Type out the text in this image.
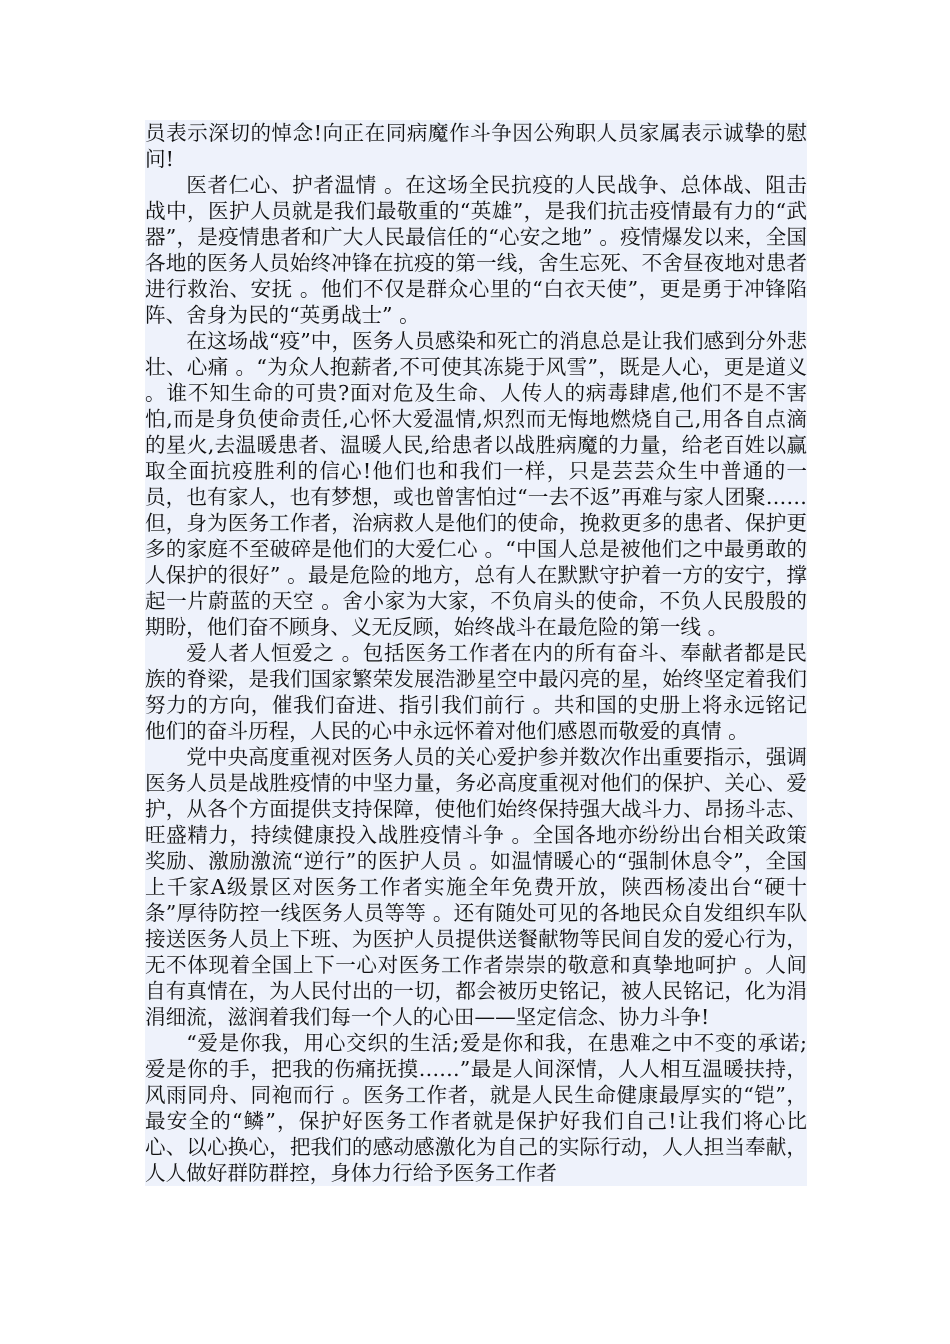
员表示深切的悼念!向正在同病魔作斗争因公殉职人员家属表示诚挚的慰问!

医者仁心、护者温情 。在这场全民抗疫的人民战争、总体战、阻击战中，医护人员就是我们最敬重的“英雄”，是我们抗击疫情最有力的“武器”，是疫情患者和广大人民最信任的“心安之地” 。疫情爆发以来，全国各地的医务人员始终冲锋在抗疫的第一线，舍生忘死、不舍昼夜地对患者进行救治、安抚 。他们不仅是群众心里的“白衣天使”，更是勇于冲锋陷阵、舍身为民的“英勇战士” 。

在这场战“疫”中，医务人员感染和死亡的消息总是让我们感到分外悲壮、心痛 。“为众人抱薪者,不可使其冻毙于风雪”，既是人心，更是道义 。谁不知生命的可贵?面对危及生命、人传人的病毒肆虐,他们不是不害怕,而是身负使命责任,心怀大爱温情,炽烈而无悔地燃烧自己,用各自点滴的星火,去温暖患者、温暖人民,给患者以战胜病魔的力量，给老百姓以赢取全面抗疫胜利的信心!他们也和我们一样，只是芸芸众生中普通的一员，也有家人，也有梦想，或也曾害怕过“一去不返”再难与家人团聚……但，身为医务工作者，治病救人是他们的使命，挽救更多的患者、保护更多的家庭不至破碎是他们的大爱仁心 。“中国人总是被他们之中最勇敢的人保护的很好” 。最是危险的地方，总有人在默默守护着一方的安宁，撑起一片蔚蓝的天空 。舍小家为大家，不负肩头的使命，不负人民殷殷的期盼，他们奋不顾身、义无反顾，始终战斗在最危险的第一线 。

爱人者人恒爱之 。包括医务工作者在内的所有奋斗、奉献者都是民族的脊梁，是我们国家繁荣发展浩渺星空中最闪亮的星，始终坚定着我们努力的方向，催我们奋进、指引我们前行 。共和国的史册上将永远铭记他们的奋斗历程，人民的心中永远怀着对他们感恩而敬爱的真情 。

党中央高度重视对医务人员的关心爱护参并数次作出重要指示，强调医务人员是战胜疫情的中坚力量，务必高度重视对他们的保护、关心、爱护，从各个方面提供支持保障，使他们始终保持强大战斗力、昂扬斗志、旺盛精力，持续健康投入战胜疫情斗争 。全国各地亦纷纷出台相关政策奖励、激励激流“逆行”的医护人员 。如温情暖心的“强制休息令”，全国上千家A级景区对医务工作者实施全年免费开放，陕西杨凌出台“硬十条”厚待防控一线医务人员等等 。还有随处可见的各地民众自发组织车队接送医务人员上下班、为医护人员提供送餐献物等民间自发的爱心行为，无不体现着全国上下一心对医务工作者崇崇的敬意和真挚地呵护 。人间自有真情在，为人民付出的一切，都会被历史铭记，被人民铭记，化为涓涓细流，滋润着我们每一个人的心田——坚定信念、协力斗争!

“爱是你我，用心交织的生活;爱是你和我，在患难之中不变的承诺;爱是你的手，把我的伤痛抚摸……”最是人间深情，人人相互温暖扶持，风雨同舟、同袍而行 。医务工作者，就是人民生命健康最厚实的“铠”，最安全的“鳞”，保护好医务工作者就是保护好我们自己!让我们将心比心、以心换心，把我们的感动感激化为自己的实际行动，人人担当奉献，人人做好群防群控，身体力行给予医务工作者
